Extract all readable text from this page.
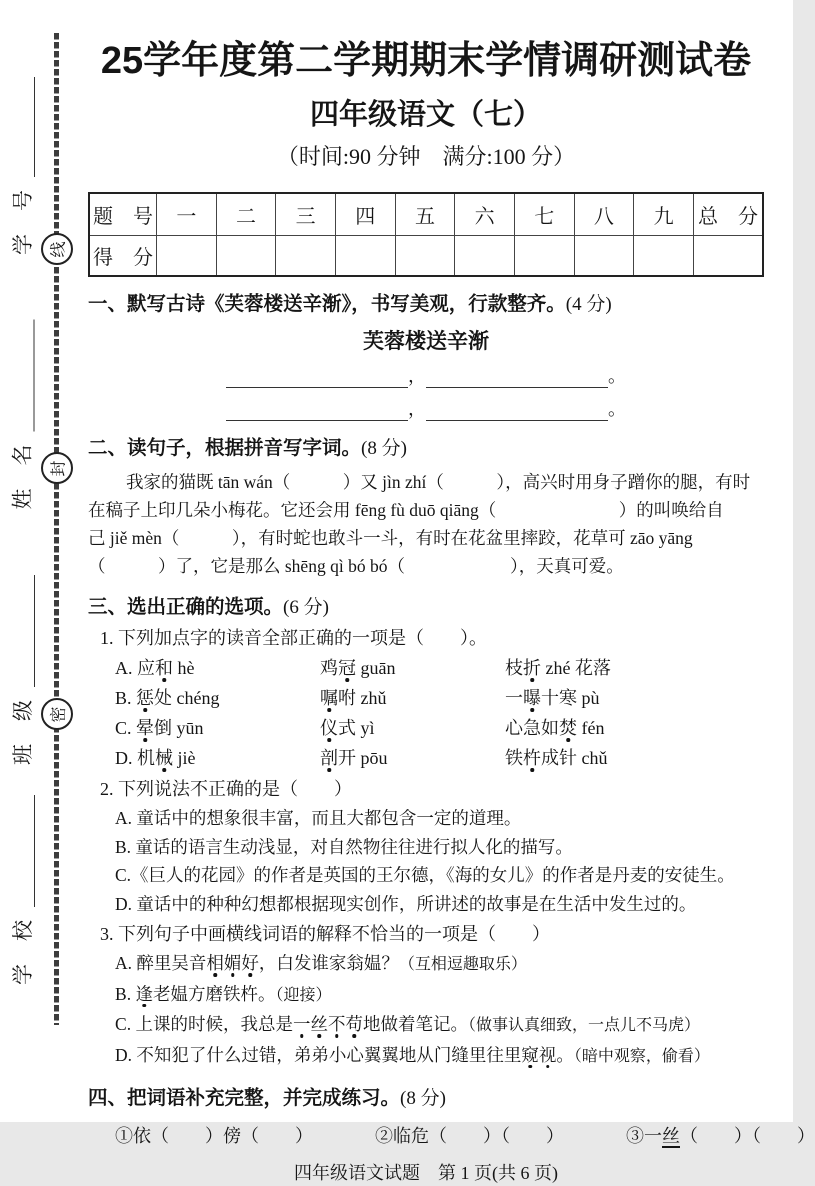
学　号
姓　名
班　级
学　校
线
封
密
25学年度第二学期期末学情调研测试卷
四年级语文（七）
（时间:90 分钟　满分:100 分）
题　号	一	二	三	四	五	六	七	八	九	总　分
得　分										
一、默写古诗《芙蓉楼送辛渐》，书写美观，行款整齐。(4 分)
芙蓉楼送辛渐
，	。
，	。
二、读句子，根据拼音写字词。(8 分)
我家的猫既 tān wán（　　　）又 jìn zhí（　　　），高兴时用身子蹭你的腿，有时
在稿子上印几朵小梅花。它还会用 fēng fù duō qiāng（　　　　　　　）的叫唤给自
己 jiě mèn（　　　），有时蛇也敢斗一斗，有时在花盆里摔跤，花草可 zāo yāng
（　　　）了，它是那么 shēng qì bó bó（　　　　　　），天真可爱。
三、选出正确的选项。(6 分)
1. 下列加点字的读音全部正确的一项是（　　）。
A. 应和 hè	鸡冠 guān	枝折 zhé 花落
B. 惩处 chéng	嘱咐 zhǔ	一曝十寒 pù
C. 晕倒 yūn	仪式 yì	心急如焚 fén
D. 机械 jiè	剖开 pōu	铁杵成针 chǔ
2. 下列说法不正确的是（　　）
A. 童话中的想象很丰富，而且大都包含一定的道理。
B. 童话的语言生动浅显，对自然物往往进行拟人化的描写。
C.《巨人的花园》的作者是英国的王尔德，《海的女儿》的作者是丹麦的安徒生。
D. 童话中的种种幻想都根据现实创作，所讲述的故事是在生活中发生过的。
3. 下列句子中画横线词语的解释不恰当的一项是（　　）
A. 醉里吴音相媚好，白发谁家翁媪？（互相逗趣取乐）
B. 逢老媪方磨铁杵。（迎接）
C. 上课的时候，我总是一丝不苟地做着笔记。（做事认真细致，一点儿不马虎）
D. 不知犯了什么过错，弟弟小心翼翼地从门缝里往里窥视。（暗中观察，偷看）
四、把词语补充完整，并完成练习。(8 分)
①依（　　 ）傍（　　 ）	②临危（　　 ）（　　 ）	③一丝（　　 ）（　　 ）
四年级语文试题　第 1 页(共 6 页)
